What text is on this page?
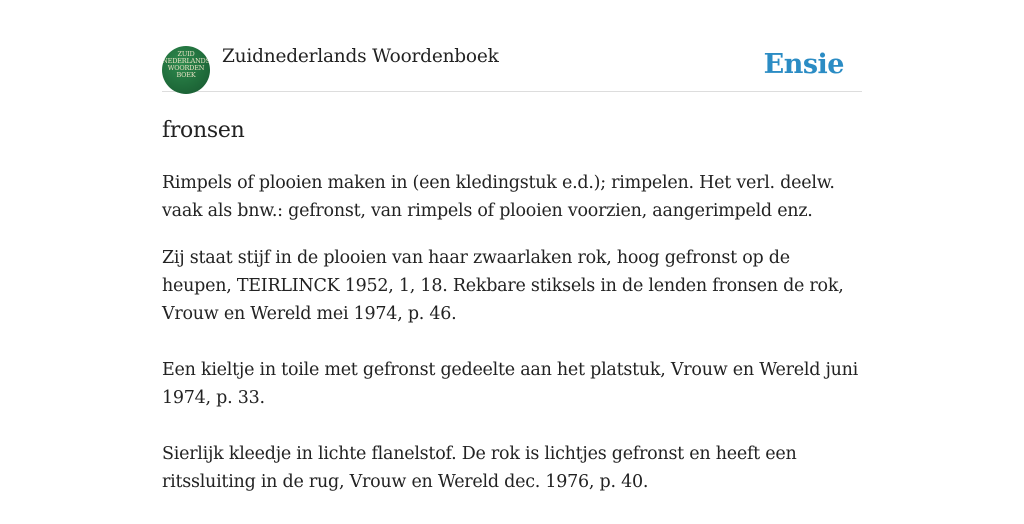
ZUID NEDERLANDS WOORDEN BOEK
Zuidnederlands Woordenboek	Ensie
fronsen

Rimpels of plooien maken in (een kledingstuk e.d.); rimpelen. Het verl. deelw. vaak als bnw.: gefronst, van rimpels of plooien voorzien, aangerimpeld enz.

Zij staat stijf in de plooien van haar zwaarlaken rok, hoog gefronst op de heupen, TEIRLINCK 1952, 1, 18. Rekbare stiksels in de lenden fronsen de rok, Vrouw en Wereld mei 1974, p. 46.

Een kieltje in toile met gefronst gedeelte aan het platstuk, Vrouw en Wereld juni 1974, p. 33.

Sierlijk kleedje in lichte flanelstof. De rok is lichtjes gefronst en heeft een ritssluiting in de rug, Vrouw en Wereld dec. 1976, p. 40.
